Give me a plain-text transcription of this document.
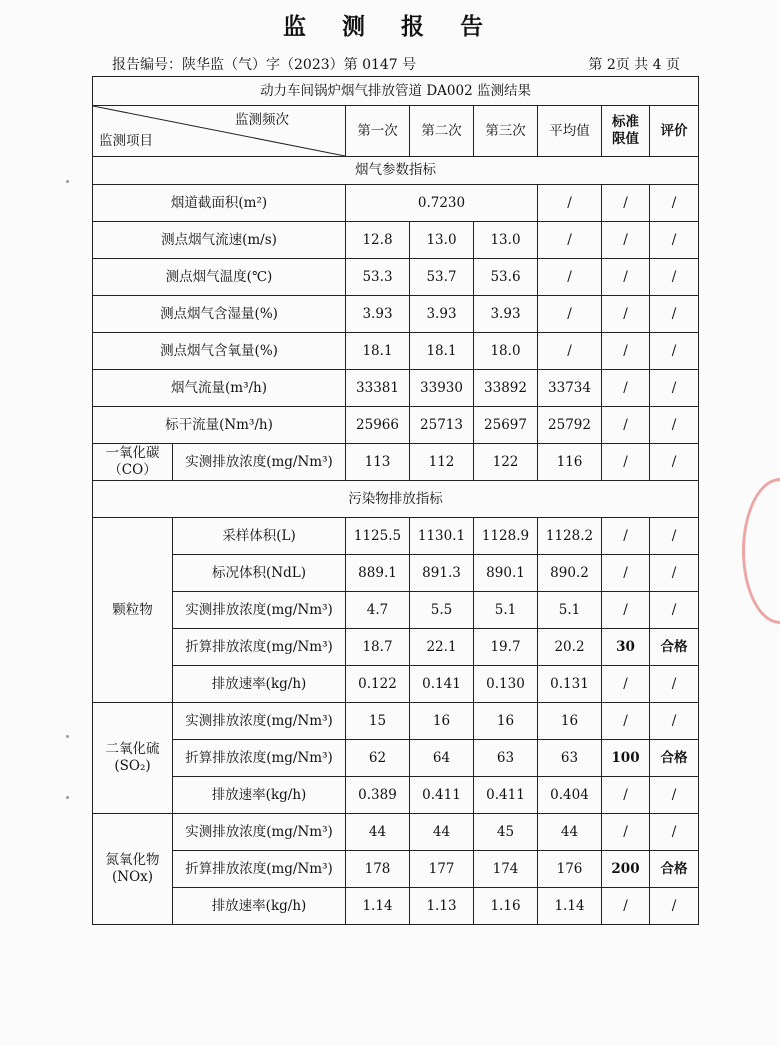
监 测 报 告
报告编号：陕华监（气）字（2023）第 0147 号	第 2页 共 4 页
动力车间锅炉烟气排放管道 DA002 监测结果							

监测频次
监测项目		第一次	第二次	第三次	平均值	标准限值	评价
烟气参数指标							
烟道截面积(m²)		0.7230			/	/	/
测点烟气流速(m/s)		12.8	13.0	13.0	/	/	/
测点烟气温度(℃)		53.3	53.7	53.6	/	/	/
测点烟气含湿量(%)		3.93	3.93	3.93	/	/	/
测点烟气含氧量(%)		18.1	18.1	18.0	/	/	/
烟气流量(m³/h)		33381	33930	33892	33734	/	/
标干流量(Nm³/h)		25966	25713	25697	25792	/	/

一氧化碳
（CO）	实测排放浓度(mg/Nm³)	113	112	122	116	/	/
污染物排放指标							
颗粒物	采样体积(L)	1125.5	1130.1	1128.9	1128.2	/	/
	标况体积(NdL)	889.1	891.3	890.1	890.2	/	/
	实测排放浓度(mg/Nm³)	4.7	5.5	5.1	5.1	/	/
	折算排放浓度(mg/Nm³)	18.7	22.1	19.7	20.2	30	合格
	排放速率(kg/h)	0.122	0.141	0.130	0.131	/	/

二氧化硫
(SO₂)	实测排放浓度(mg/Nm³)	15	16	16	16	/	/
	折算排放浓度(mg/Nm³)	62	64	63	63	100	合格
	排放速率(kg/h)	0.389	0.411	0.411	0.404	/	/

氮氧化物
(NOx)	实测排放浓度(mg/Nm³)	44	44	45	44	/	/
	折算排放浓度(mg/Nm³)	178	177	174	176	200	合格
	排放速率(kg/h)	1.14	1.13	1.16	1.14	/	/
